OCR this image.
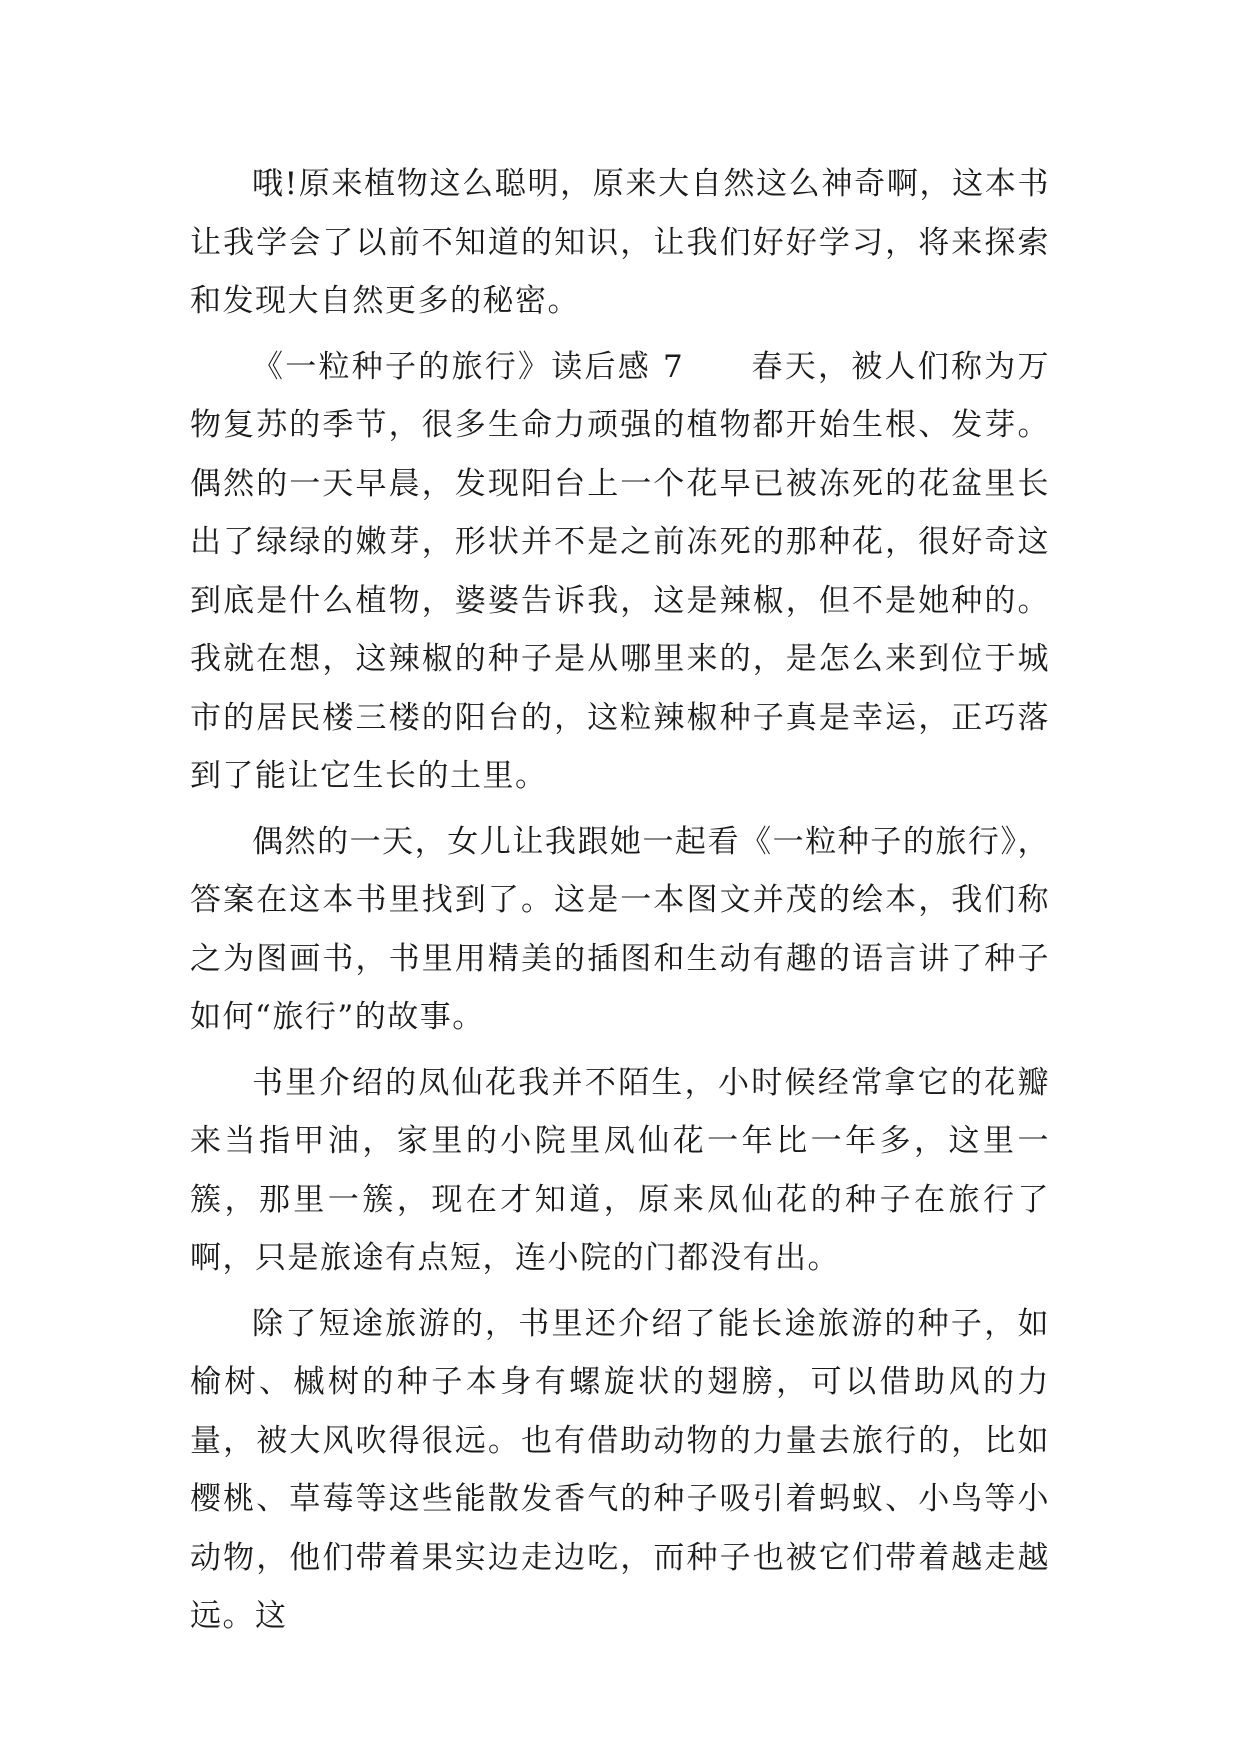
哦!原来植物这么聪明，原来大自然这么神奇啊，这本书让我学会了以前不知道的知识，让我们好好学习，将来探索和发现大自然更多的秘密。

《一粒种子的旅行》读后感 7　　春天，被人们称为万物复苏的季节，很多生命力顽强的植物都开始生根、发芽。偶然的一天早晨，发现阳台上一个花早已被冻死的花盆里长出了绿绿的嫩芽，形状并不是之前冻死的那种花，很好奇这到底是什么植物，婆婆告诉我，这是辣椒，但不是她种的。我就在想，这辣椒的种子是从哪里来的，是怎么来到位于城市的居民楼三楼的阳台的，这粒辣椒种子真是幸运，正巧落到了能让它生长的土里。

偶然的一天，女儿让我跟她一起看《一粒种子的旅行》，答案在这本书里找到了。这是一本图文并茂的绘本，我们称之为图画书，书里用精美的插图和生动有趣的语言讲了种子如何“旅行”的故事。

书里介绍的凤仙花我并不陌生，小时候经常拿它的花瓣来当指甲油，家里的小院里凤仙花一年比一年多，这里一簇，那里一簇，现在才知道，原来凤仙花的种子在旅行了啊，只是旅途有点短，连小院的门都没有出。

除了短途旅游的，书里还介绍了能长途旅游的种子，如榆树、槭树的种子本身有螺旋状的翅膀，可以借助风的力量，被大风吹得很远。也有借助动物的力量去旅行的，比如樱桃、草莓等这些能散发香气的种子吸引着蚂蚁、小鸟等小动物，他们带着果实边走边吃，而种子也被它们带着越走越远。这
